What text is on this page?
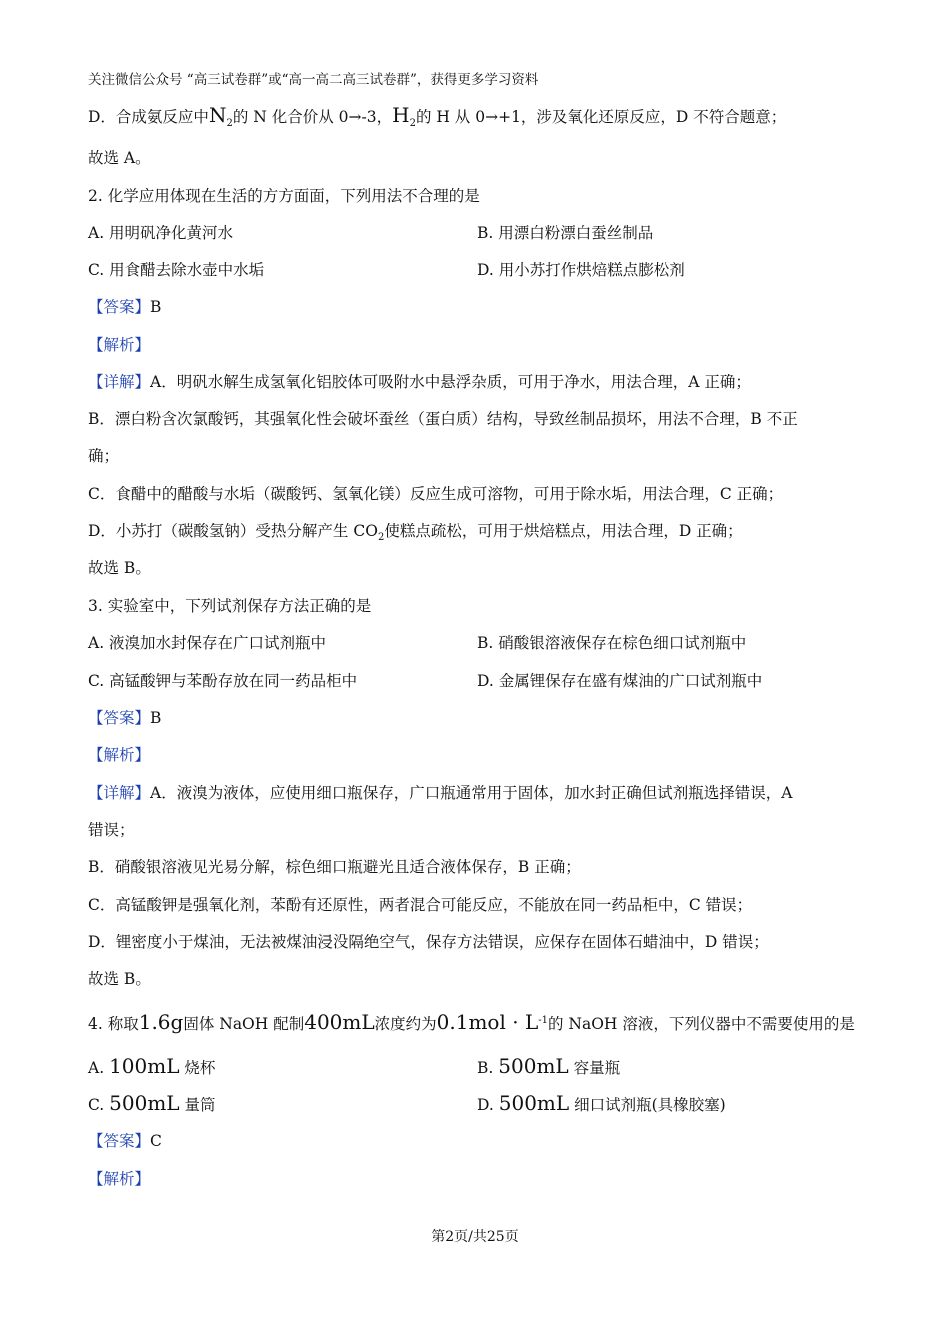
关注微信公众号 “高三试卷群”或“高一高二高三试卷群”，获得更多学习资料
D．合成氨反应中$N_2$的 N 化合价从 0→-3，$H_2$的 H 从 0→+1，涉及氧化还原反应，D 不符合题意；
故选 A。
2. 化学应用体现在生活的方方面面，下列用法不合理的是
A. 用明矾净化黄河水	B. 用漂白粉漂白蚕丝制品
C. 用食醋去除水壶中水垢	D. 用小苏打作烘焙糕点膨松剂
【答案】B
【解析】
【详解】A．明矾水解生成氢氧化铝胶体可吸附水中悬浮杂质，可用于净水，用法合理，A 正确；
B．漂白粉含次氯酸钙，其强氧化性会破坏蚕丝（蛋白质）结构，导致丝制品损坏，用法不合理，B 不正
确；
C．食醋中的醋酸与水垢（碳酸钙、氢氧化镁）反应生成可溶物，可用于除水垢，用法合理，C 正确；
D．小苏打（碳酸氢钠）受热分解产生 $CO_2$使糕点疏松，可用于烘焙糕点，用法合理，D 正确；
故选 B。
3. 实验室中，下列试剂保存方法正确的是
A. 液溴加水封保存在广口试剂瓶中	B. 硝酸银溶液保存在棕色细口试剂瓶中
C. 高锰酸钾与苯酚存放在同一药品柜中	D. 金属锂保存在盛有煤油的广口试剂瓶中
【答案】B
【解析】
【详解】A．液溴为液体，应使用细口瓶保存，广口瓶通常用于固体，加水封正确但试剂瓶选择错误，A
错误；
B．硝酸银溶液见光易分解，棕色细口瓶避光且适合液体保存，B 正确；
C．高锰酸钾是强氧化剂，苯酚有还原性，两者混合可能反应，不能放在同一药品柜中，C 错误；
D．锂密度小于煤油，无法被煤油浸没隔绝空气，保存方法错误，应保存在固体石蜡油中，D 错误；
故选 B。
4. 称取1.6g固体 NaOH 配制400mL浓度约为$0.1mol \cdot L^{-1}$的 NaOH 溶液，下列仪器中不需要使用的是
A. 100mL 烧杯	B. 500mL 容量瓶
C. 500mL 量筒	D. 500mL 细口试剂瓶(具橡胶塞)
【答案】C
【解析】
第2页/共25页
